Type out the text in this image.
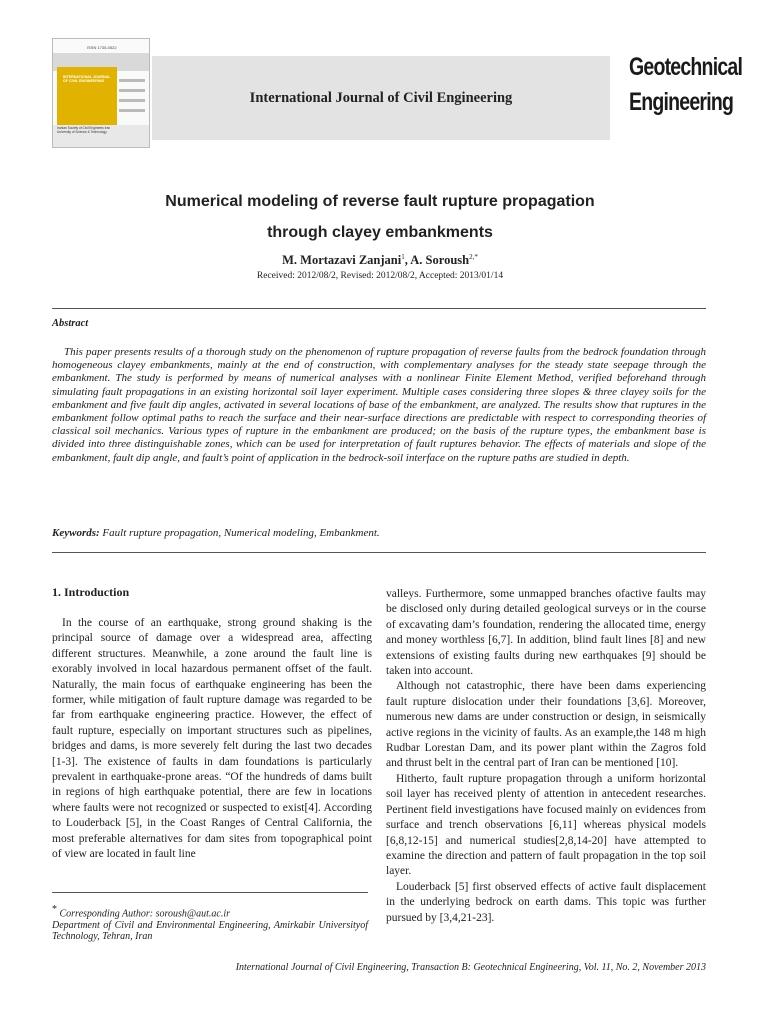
ISSN 1735-0522
INTERNATIONAL JOURNAL OF CIVIL ENGINEERING
Iranian Society of Civil Engineers Iran University of Science & Technology
International Journal of Civil Engineering
Geotechnical
Engineering
Numerical modeling of reverse fault rupture propagation
through clayey embankments
M. Mortazavi Zanjani$^1$, A. Soroush$^{2,*}$
Received: 2012/08/2, Revised: 2012/08/2, Accepted: 2013/01/14
Abstract

This paper presents results of a thorough study on the phenomenon of rupture propagation of reverse faults from the bedrock foundation through homogeneous clayey embankments, mainly at the end of construction, with complementary analyses for the steady state seepage through the embankment. The study is performed by means of numerical analyses with a nonlinear Finite Element Method, verified beforehand through simulating fault propagations in an existing horizontal soil layer experiment. Multiple cases considering three slopes & three clayey soils for the embankment and five fault dip angles, activated in several locations of base of the embankment, are analyzed. The results show that ruptures in the embankment follow optimal paths to reach the surface and their near-surface directions are predictable with respect to corresponding theories of classical soil mechanics. Various types of rupture in the embankment are produced; on the basis of the rupture types, the embankment base is divided into three distinguishable zones, which can be used for interpretation of fault ruptures behavior. The effects of materials and slope of the embankment, fault dip angle, and fault’s point of application in the bedrock-soil interface on the rupture paths are studied in depth.

Keywords: Fault rupture propagation, Numerical modeling, Embankment.
1. Introduction

In the course of an earthquake, strong ground shaking is the principal source of damage over a widespread area, affecting different structures. Meanwhile, a zone around the fault line is exorably involved in local hazardous permanent offset of the fault. Naturally, the main focus of earthquake engineering has been the former, while mitigation of fault rupture damage was regarded to be far from earthquake engineering practice. However, the effect of fault rupture, especially on important structures such as pipelines, bridges and dams, is more severely felt during the last two decades [1-3]. The existence of faults in dam foundations is particularly prevalent in earthquake-prone areas. “Of the hundreds of dams built in regions of high earthquake potential, there are few in locations where faults were not recognized or suspected to exist[4]. According to Louderback [5], in the Coast Ranges of Central California, the most preferable alternatives for dam sites from topographical point of view are located in fault line

valleys. Furthermore, some unmapped branches ofactive faults may be disclosed only during detailed geological surveys or in the course of excavating dam’s foundation, rendering the allocated time, energy and money worthless [6,7]. In addition, blind fault lines [8] and new extensions of existing faults during new earthquakes [9] should be taken into account.

Although not catastrophic, there have been dams experiencing fault rupture dislocation under their foundations [3,6]. Moreover, numerous new dams are under construction or design, in seismically active regions in the vicinity of faults. As an example,the 148 m high Rudbar Lorestan Dam, and its power plant within the Zagros fold and thrust belt in the central part of Iran can be mentioned [10].

Hitherto, fault rupture propagation through a uniform horizontal soil layer has received plenty of attention in antecedent researches. Pertinent field investigations have focused mainly on evidences from surface and trench observations [6,11] whereas physical models [6,8,12-15] and numerical studies[2,8,14-20] have attempted to examine the direction and pattern of fault propagation in the top soil layer.

Louderback [5] first observed effects of active fault displacement in the underlying bedrock on earth dams. This topic was further pursued by [3,4,21-23].

* Corresponding Author: soroush@aut.ac.ir
Department of Civil and Environmental Engineering, Amirkabir Universityof Technology, Tehran, Iran
International Journal of Civil Engineering, Transaction B: Geotechnical Engineering, Vol. 11, No. 2, November 2013
